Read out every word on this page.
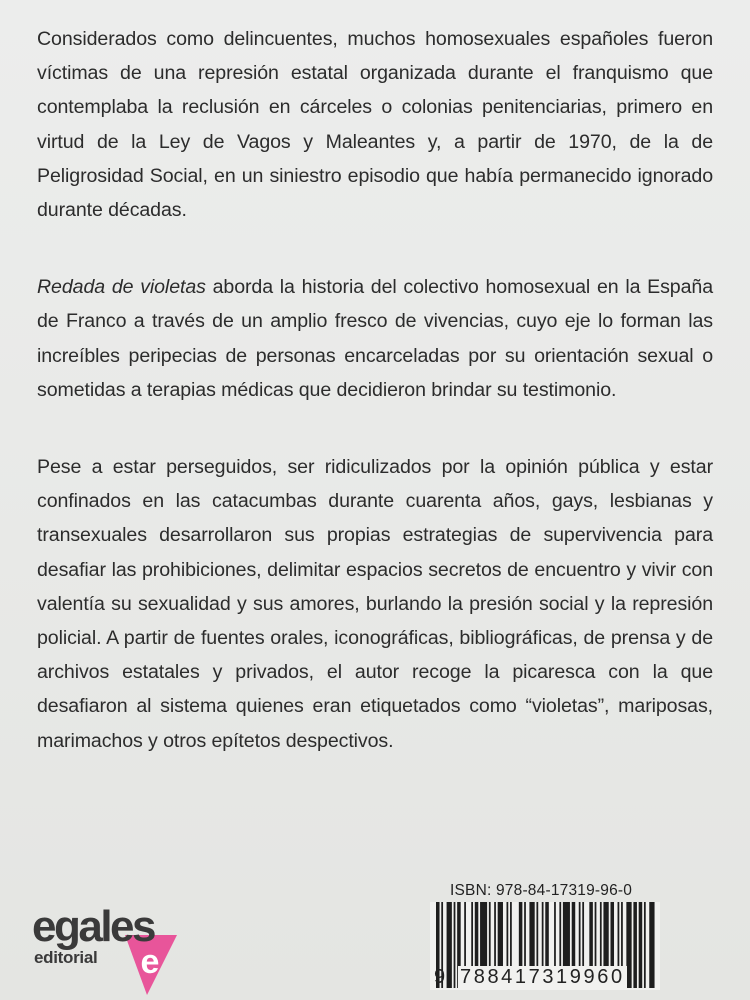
Considerados como delincuentes, muchos homosexuales españoles fueron víctimas de una represión estatal organizada durante el franquismo que contemplaba la reclusión en cárceles o colonias penitenciarias, primero en virtud de la Ley de Vagos y Maleantes y, a partir de 1970, de la de Peligrosidad Social, en un siniestro episodio que había permanecido ignorado durante décadas.

Redada de violetas aborda la historia del colectivo homosexual en la España de Franco a través de un amplio fresco de vivencias, cuyo eje lo forman las increíbles peripecias de personas encarceladas por su orientación sexual o sometidas a terapias médicas que decidieron brindar su testimonio.

Pese a estar perseguidos, ser ridiculizados por la opinión pública y estar confinados en las catacumbas durante cuarenta años, gays, lesbianas y transexuales desarrollaron sus propias estrategias de supervivencia para desafiar las prohibiciones, delimitar espacios secretos de encuentro y vivir con valentía su sexualidad y sus amores, burlando la presión social y la represión policial. A partir de fuentes orales, iconográficas, bibliográficas, de prensa y de archivos estatales y privados, el autor recoge la picaresca con la que desafiaron al sistema quienes eran etiquetados como “violetas”, mariposas, marimachos y otros epítetos despectivos.

e
egales
editorial
ISBN: 978-84-17319-96-0
9 788417319960
